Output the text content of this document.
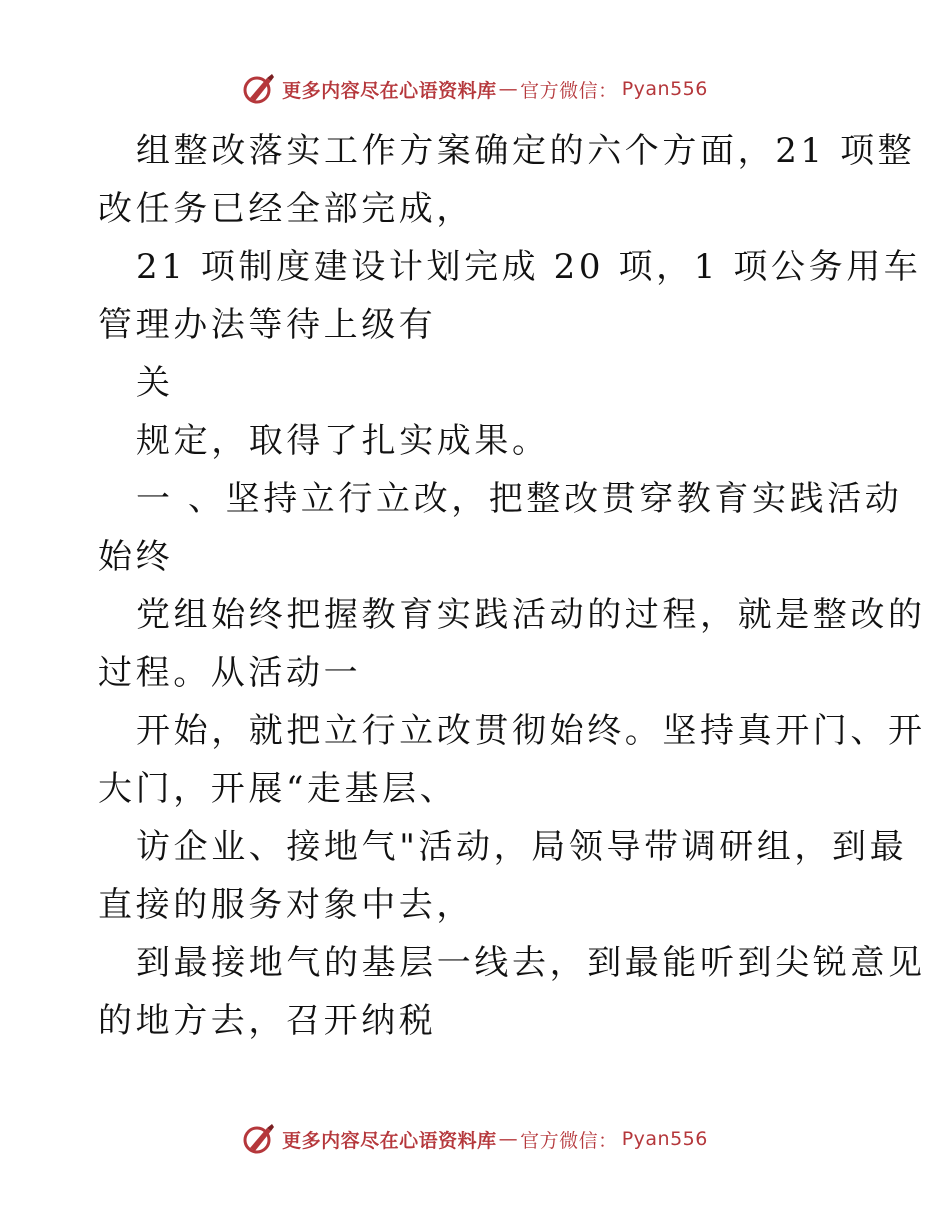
更多内容尽在心语资料库 — 官方微信： Pyan556
组整改落实工作方案确定的六个方面，21 项整
改任务已经全部完成，
21 项制度建设计划完成 20 项，1 项公务用车
管理办法等待上级有
关
规定，取得了扎实成果。
一 、坚持立行立改，把整改贯穿教育实践活动
始终
党组始终把握教育实践活动的过程，就是整改的
过程。从活动一
开始，就把立行立改贯彻始终。坚持真开门、开
大门，开展“走基层、
访企业、接地气"活动，局领导带调研组，到最
直接的服务对象中去，
到最接地气的基层一线去，到最能听到尖锐意见
的地方去，召开纳税
更多内容尽在心语资料库 — 官方微信： Pyan556
